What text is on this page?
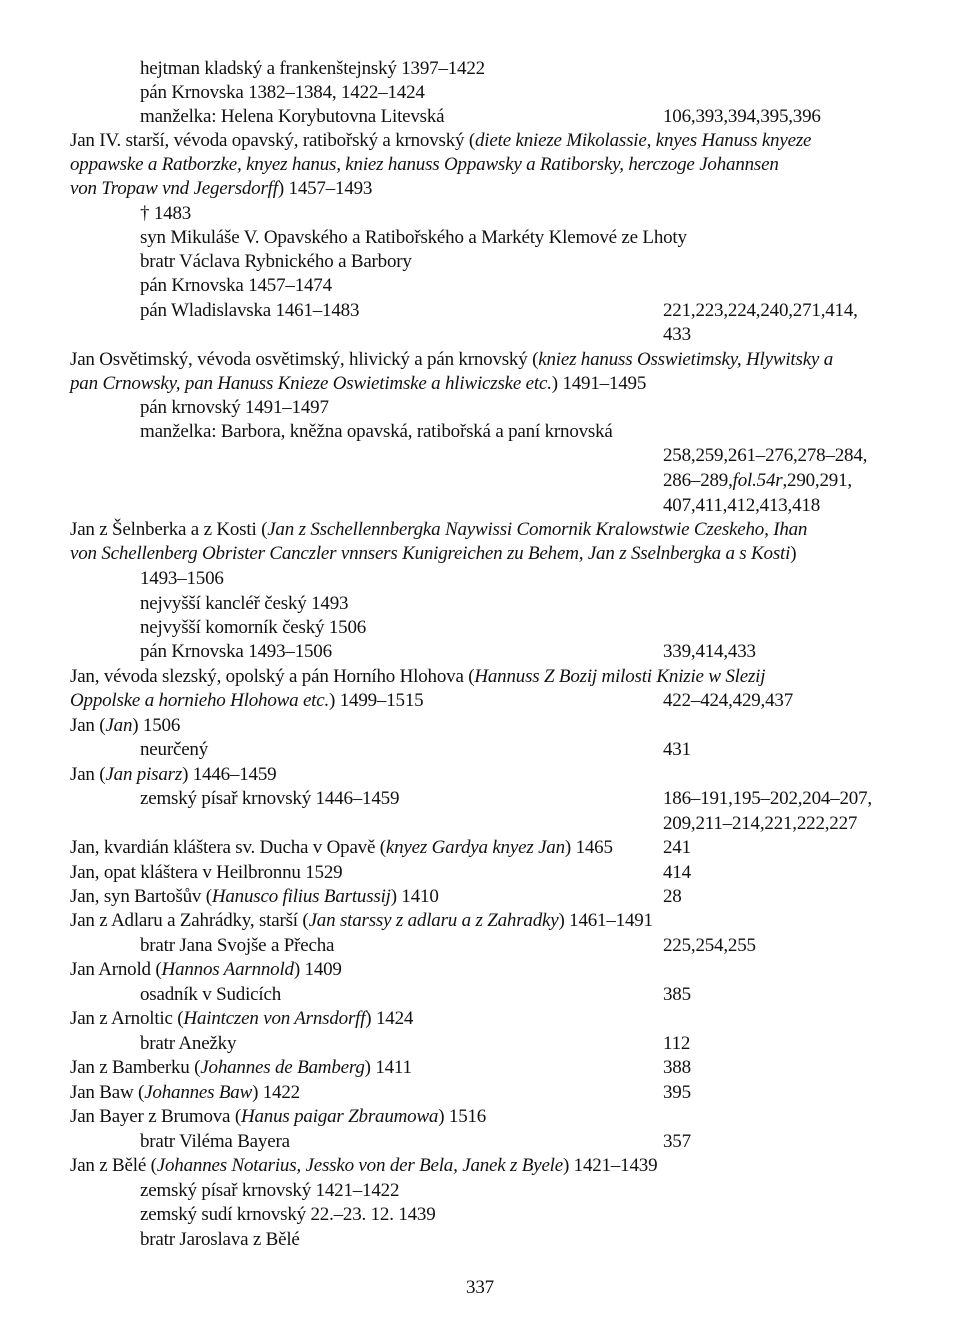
hejtman kladský a frankenštejnský 1397–1422
pán Krnovska 1382–1384, 1422–1424
manželka: Helena Korybutovna Litevská	106,393,394,395,396
Jan IV. starší, vévoda opavský, ratibořský a krnovský (diete knieze Mikolassie, knyes Hanuss knyeze
oppawske a Ratborzke, knyez hanus, kniez hanuss Oppawsky a Ratiborsky, herczoge Johannsen
von Tropaw vnd Jegersdorff) 1457–1493
† 1483
syn Mikuláše V. Opavského a Ratibořského a Markéty Klemové ze Lhoty
bratr Václava Rybnického a Barbory
pán Krnovska 1457–1474
pán Wladislavska 1461–1483	221,223,224,240,271,414,
433
Jan Osvětimský, vévoda osvětimský, hlivický a pán krnovský (kniez hanuss Osswietimsky, Hlywitsky a
pan Crnowsky, pan Hanuss Knieze Oswietimske a hliwiczske etc.) 1491–1495
pán krnovský 1491–1497
manželka: Barbora, kněžna opavská, ratibořská a paní krnovská
258,259,261–276,278–284,
286–289,fol.54r,290,291,
407,411,412,413,418
Jan z Šelnberka a z Kosti (Jan z Sschellennbergka Naywissi Comornik Kralowstwie Czeskeho, Ihan
von Schellenberg Obrister Canczler vnnsers Kunigreichen zu Behem, Jan z Sselnbergka a s Kosti)
1493–1506
nejvyšší kancléř český 1493
nejvyšší komorník český 1506
pán Krnovska 1493–1506	339,414,433
Jan, vévoda slezský, opolský a pán Horního Hlohova (Hannuss Z Bozij milosti Knizie w Slezij
Oppolske a hornieho Hlohowa etc.) 1499–1515	422–424,429,437
Jan (Jan) 1506
neurčený	431
Jan (Jan pisarz) 1446–1459
zemský písař krnovský 1446–1459	186–191,195–202,204–207,
209,211–214,221,222,227
Jan, kvardián kláštera sv. Ducha v Opavě (knyez Gardya knyez Jan) 1465	241
Jan, opat kláštera v Heilbronnu 1529	414
Jan, syn Bartošův (Hanusco filius Bartussij) 1410	28
Jan z Adlaru a Zahrádky, starší (Jan starssy z adlaru a z Zahradky) 1461–1491
bratr Jana Svojše a Přecha	225,254,255
Jan Arnold (Hannos Aarnnold) 1409
osadník v Sudicích	385
Jan z Arnoltic (Haintczen von Arnsdorff) 1424
bratr Anežky	112
Jan z Bamberku (Johannes de Bamberg) 1411	388
Jan Baw (Johannes Baw) 1422	395
Jan Bayer z Brumova (Hanus paigar Zbraumowa) 1516
bratr Viléma Bayera	357
Jan z Bělé (Johannes Notarius, Jessko von der Bela, Janek z Byele) 1421–1439
zemský písař krnovský 1421–1422
zemský sudí krnovský 22.–23. 12. 1439
bratr Jaroslava z Bělé
337
